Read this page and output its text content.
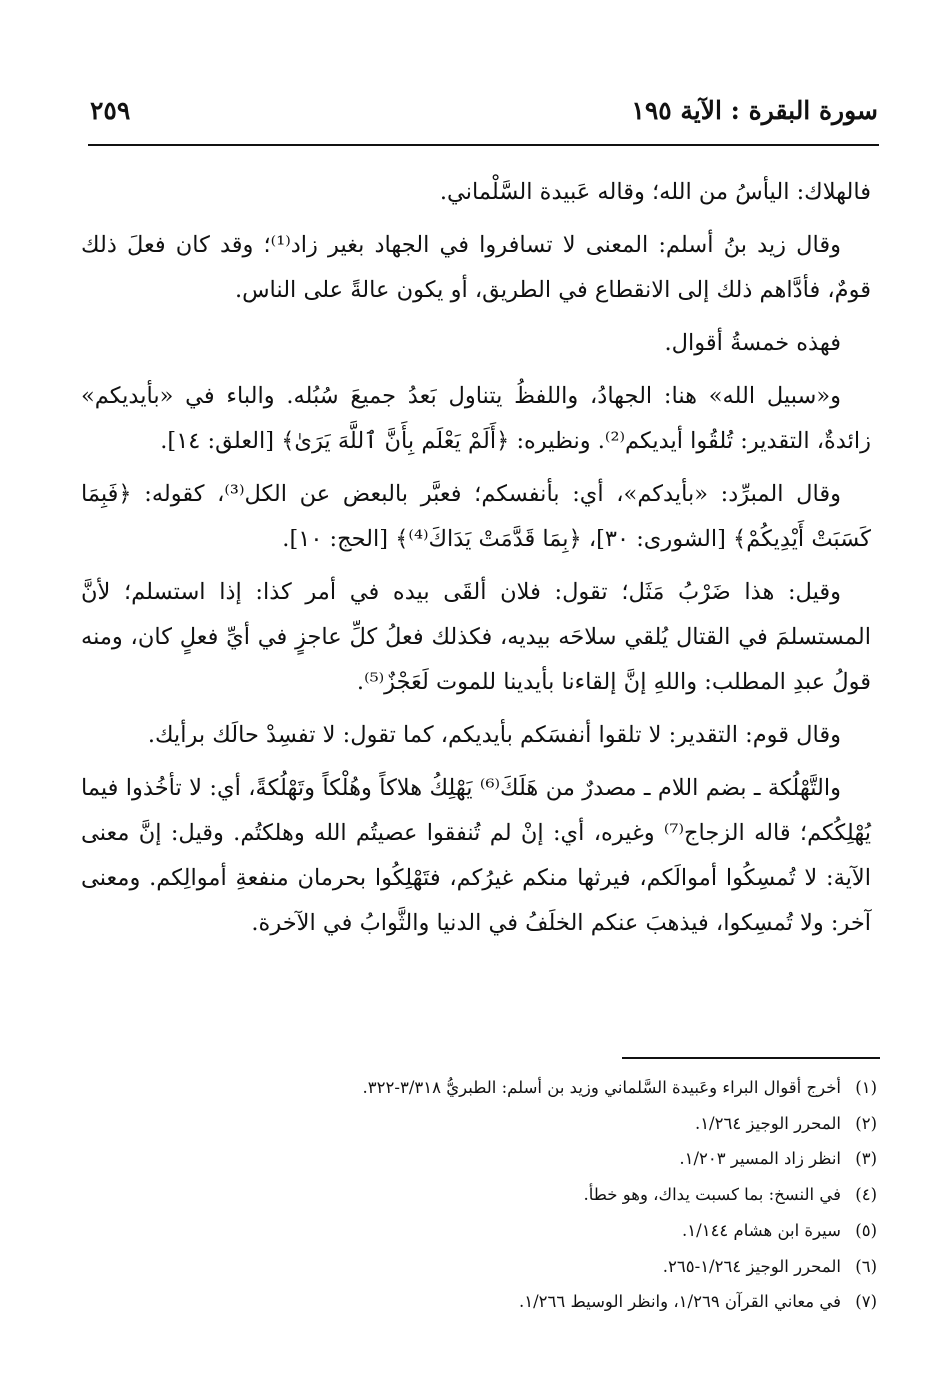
سورة البقرة : الآية ١٩٥
٢٥٩

فالهلاك: اليأسُ من الله؛ وقاله عَبيدة السَّلْماني.

وقال زيد بنُ أسلم: المعنى لا تسافروا في الجهاد بغير زاد⁽¹⁾؛ وقد كان فعلَ ذلك قومٌ، فأدَّاهم ذلك إلى الانقطاع في الطريق، أو يكون عالةً على الناس.

فهذه خمسةُ أقوال.

و«سبيل الله» هنا: الجهادُ، واللفظُ يتناول بَعدُ جميعَ سُبُله. والباء في «بأيديكم» زائدةٌ، التقدير: تُلقُوا أيديكم⁽²⁾. ونظيره: ﴿أَلَمْ يَعْلَم بِأَنَّ ٱللَّهَ يَرَىٰ﴾ [العلق: ١٤].

وقال المبرِّد: «بأيدكم»، أي: بأنفسكم؛ فعبَّر بالبعض عن الكل⁽³⁾، كقوله: ﴿فَبِمَا كَسَبَتْ أَيْدِيكُمْ﴾ [الشورى: ٣٠]، ﴿بِمَا قَدَّمَتْ يَدَاكَ⁽⁴⁾﴾ [الحج: ١٠].

وقيل: هذا ضَرْبُ مَثَل؛ تقول: فلان ألقَى بيده في أمر كذا: إذا استسلم؛ لأنَّ المستسلمَ في القتال يُلقي سلاحَه بيديه، فكذلك فعلُ كلِّ عاجزٍ في أيِّ فعلٍ كان، ومنه قولُ عبدِ المطلب: واللهِ إنَّ إلقاءنا بأيدينا للموت لَعَجْزٌ⁽⁵⁾.

وقال قوم: التقدير: لا تلقوا أنفسَكم بأيديكم، كما تقول: لا تفسِدْ حالَك برأيك.

والتَّهْلُكة ـ بضم اللام ـ مصدرٌ من هَلَكَ⁽⁶⁾ يَهْلِكُ هلاكاً وهُلْكاً وتَهْلُكةً، أي: لا تأخُذوا فيما يُهْلِكُكم؛ قاله الزجاج⁽⁷⁾ وغيره، أي: إنْ لم تُنفقوا عصيتُم الله وهلكتُم. وقيل: إنَّ معنى الآية: لا تُمسِكُوا أموالَكم، فيرثها منكم غيرُكم، فتَهْلِكُوا بحرمان منفعةِ أموالِكم. ومعنى آخر: ولا تُمسِكوا، فيذهبَ عنكم الخلَفُ في الدنيا والثَّوابُ في الآخرة.

(١)أخرج أقوال البراء وعَبيدة السَّلماني وزيد بن أسلم: الطبريُّ ٣/٣١٨-٣٢٢.
(٢)المحرر الوجيز ١/٢٦٤.
(٣)انظر زاد المسير ١/٢٠٣.
(٤)في النسخ: بما كسبت يداك، وهو خطأ.
(٥)سيرة ابن هشام ١/١٤٤.
(٦)المحرر الوجيز ١/٢٦٤-٢٦٥.
(٧)في معاني القرآن ١/٢٦٩، وانظر الوسيط ١/٢٦٦.
